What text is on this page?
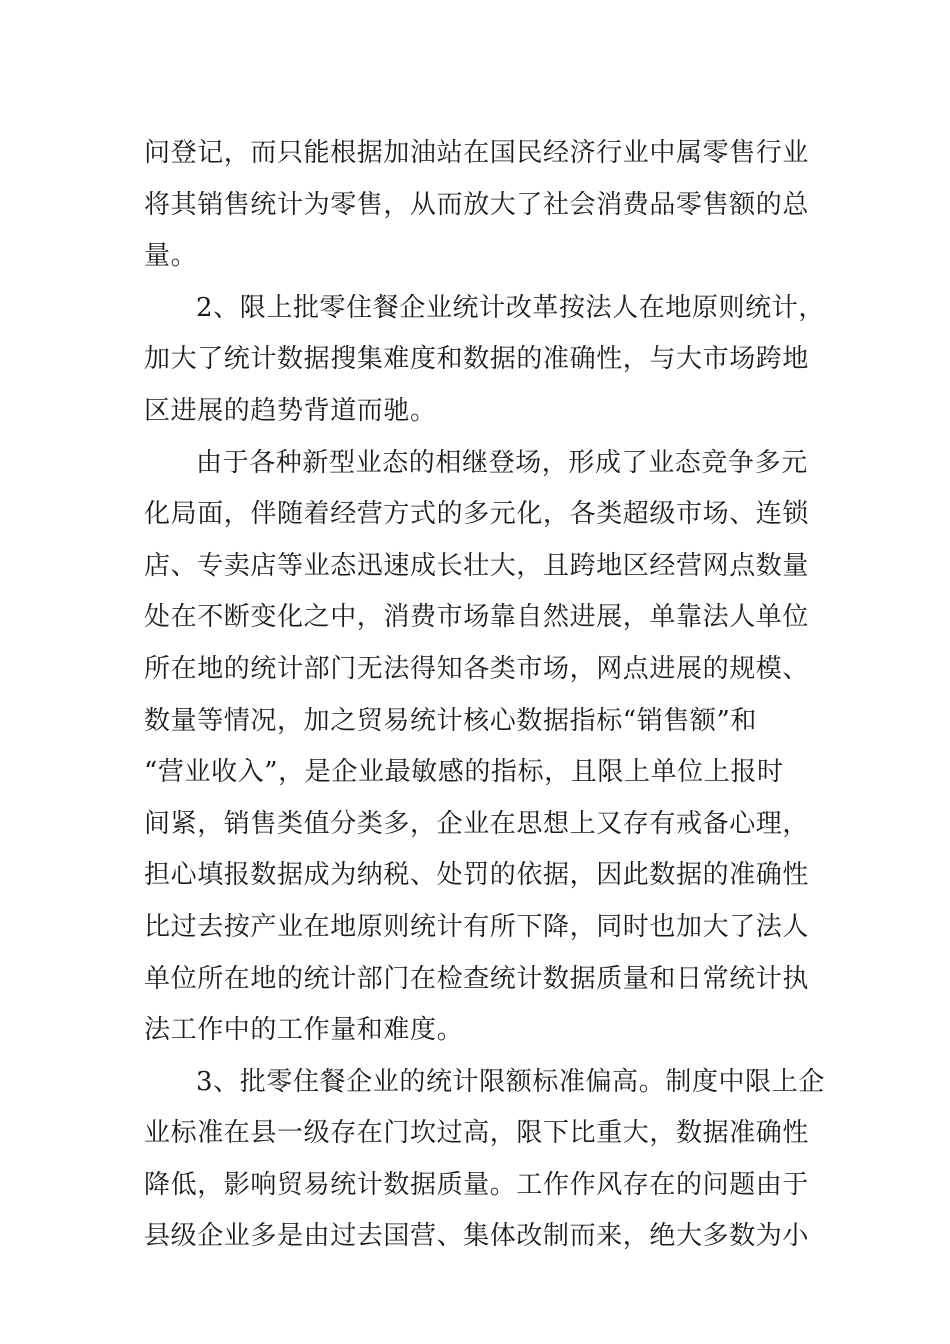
问登记，而只能根据加油站在国民经济行业中属零售行业
将其销售统计为零售，从而放大了社会消费品零售额的总
量。
2、限上批零住餐企业统计改革按法人在地原则统计，
加大了统计数据搜集难度和数据的准确性，与大市场跨地
区进展的趋势背道而驰。
由于各种新型业态的相继登场，形成了业态竞争多元
化局面，伴随着经营方式的多元化，各类超级市场、连锁
店、专卖店等业态迅速成长壮大，且跨地区经营网点数量
处在不断变化之中，消费市场靠自然进展，单靠法人单位
所在地的统计部门无法得知各类市场，网点进展的规模、
数量等情况，加之贸易统计核心数据指标“销售额”和
“营业收入”，是企业最敏感的指标，且限上单位上报时
间紧，销售类值分类多，企业在思想上又存有戒备心理，
担心填报数据成为纳税、处罚的依据，因此数据的准确性
比过去按产业在地原则统计有所下降，同时也加大了法人
单位所在地的统计部门在检查统计数据质量和日常统计执
法工作中的工作量和难度。
3、批零住餐企业的统计限额标准偏高。制度中限上企
业标准在县一级存在门坎过高，限下比重大，数据准确性
降低，影响贸易统计数据质量。工作作风存在的问题由于
县级企业多是由过去国营、集体改制而来，绝大多数为小
